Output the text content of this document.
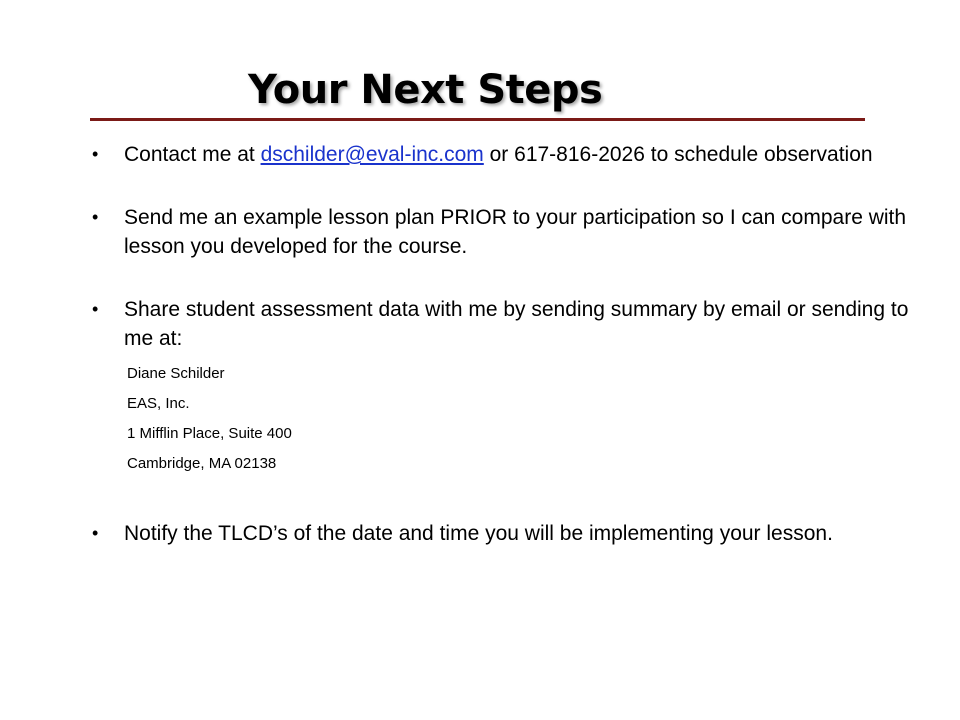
Your Next Steps
•	Contact me at dschilder@eval-inc.com or 617-816-2026 to schedule observation
•	Send me an example lesson plan PRIOR to your participation so I can compare with lesson you developed for the course.
•	Share student assessment data with me by sending summary by email or sending to me at:
Diane Schilder
EAS, Inc.
1 Mifflin Place, Suite 400
Cambridge, MA 02138
•	Notify the TLCD’s of the date and time you will be implementing your lesson.
